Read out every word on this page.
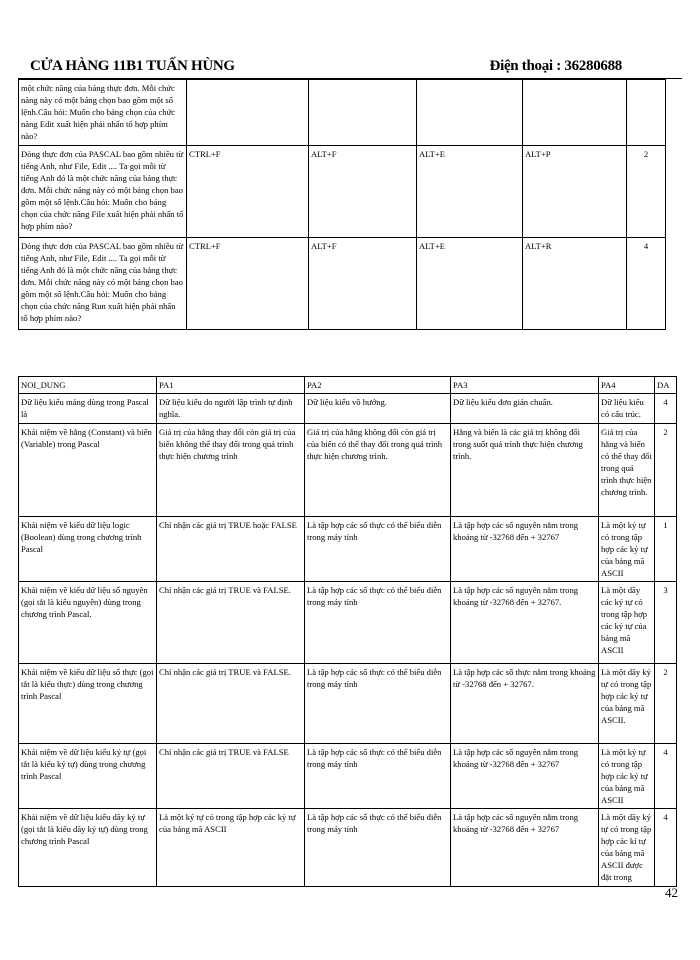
CỬA HÀNG 11B1 TUẤN HÙNG	Điện thoại : 36280688
một chức năng của bảng thực đơn. Mỗi chức năng này có một bảng chọn bao gồm một số lệnh.Câu hỏi: Muốn cho bảng chọn của chức năng Edit xuất hiện phải nhấn tổ hợp phím nào?					
Dòng thực đơn của PASCAL bao gồm nhiều từ tiếng Anh, như File, Edit .... Ta gọi mỗi từ tiếng Anh đó là một chức năng của bảng thực đơn. Mỗi chức năng này có một bảng chọn bao gồm một số lệnh.Câu hỏi: Muốn cho bảng chọn của chức năng File xuất hiện phải nhấn tổ hợp phím nào?	CTRL+F	ALT+F	ALT+E	ALT+P	2
Dòng thực đơn của PASCAL bao gồm nhiều từ tiếng Anh, như File, Edit .... Ta gọi mỗi từ tiếng Anh đó là một chức năng của bảng thực đơn. Mỗi chức năng này có một bảng chọn bao gồm một số lệnh.Câu hỏi: Muốn cho bảng chọn của chức năng Run xuất hiện phải nhấn tổ hợp phím nào?	CTRL+F	ALT+F	ALT+E	ALT+R	4
NOI_DUNG	PA1	PA2	PA3	PA4	DA
Dữ liệu kiểu mảng dùng trong Pascal là	Dữ liệu kiểu do người lập trình tự định nghĩa.	Dữ liệu kiểu vô hướng.	Dữ liệu kiểu đơn giản chuẩn.	Dữ liệu kiểu có cấu trúc.	4
Khái niệm về hằng (Constant) và biến (Variable) trong Pascal	Giá trị của hằng thay đổi còn giá trị của biến không thể thay đổi trong quá trình thực hiện chương trình	Giá trị của hằng không đổi còn giá trị của biến có thể thay đổi trong quá trình thực hiện chương trình.	Hằng và biến là các giá trị không đổi trong suốt quá trình thực hiện chương trình.	Giá trị của hằng và biến có thể thay đổi trong quá trình thực hiện chương trình.	2
Khái niệm về kiểu dữ liệu logic (Boolean) dùng trong chương trình Pascal	Chỉ nhận các giá trị TRUE hoặc FALSE	Là tập hợp các số thực có thể biểu diễn trong máy tính	Là tập hợp các số nguyên nằm trong khoảng từ -32768 đến + 32767	Là một ký tự có trong tập hợp các ký tự của bảng mã ASCII	1
Khái niệm về kiểu dữ liệu số nguyên (gọi tắt là kiểu nguyên) dùng trong chương trình Pascal.	Chỉ nhận các giá trị TRUE và FALSE.	Là tập hợp các số thực có thể biểu diễn trong máy tính	Là tập hợp các số nguyên nằm trong khoảng từ -32768 đến + 32767.	Là một dãy các ký tự có trong tập hợp các ký tự của bảng mã ASCII	3
Khái niệm về kiểu dữ liệu số thực (gọi tắt là kiểu thực) dùng trong chương trình Pascal	Chỉ nhận các giá trị TRUE và FALSE.	Là tập hợp các số thực có thể biểu diễn trong máy tính	Là tập hợp các số thực nằm trong khoảng từ -32768 đến + 32767.	Là một dãy ký tự có trong tập hợp các ký tự của bảng mã ASCII.	2
Khái niệm về dữ liệu kiểu ký tự (gọi tắt là kiểu ký tự) dùng trong chương trình Pascal	Chỉ nhận các giá trị TRUE và FALSE	Là tập hợp các số thực có thể biểu diễn trong máy tính	Là tập hợp các số nguyên nằm trong khoảng từ -32768 đến + 32767	Là một ký tự có trong tập hợp các ký tự của bảng mã ASCII	4
Khái niệm về dữ liệu kiểu dãy ký tự (gọi tắt là kiểu dãy ký tự) dùng trong chương trình Pascal	Là một ký tự có trong tập hợp các ký tự của bảng mã ASCII	Là tập hợp các số thực có thể biểu diễn trong máy tính	Là tập hợp các số nguyên nằm trong khoảng từ -32768 đến + 32767	Là một dãy ký tự có trong tập hợp các kí tự của bảng mã ASCII được đặt trong	4
42
